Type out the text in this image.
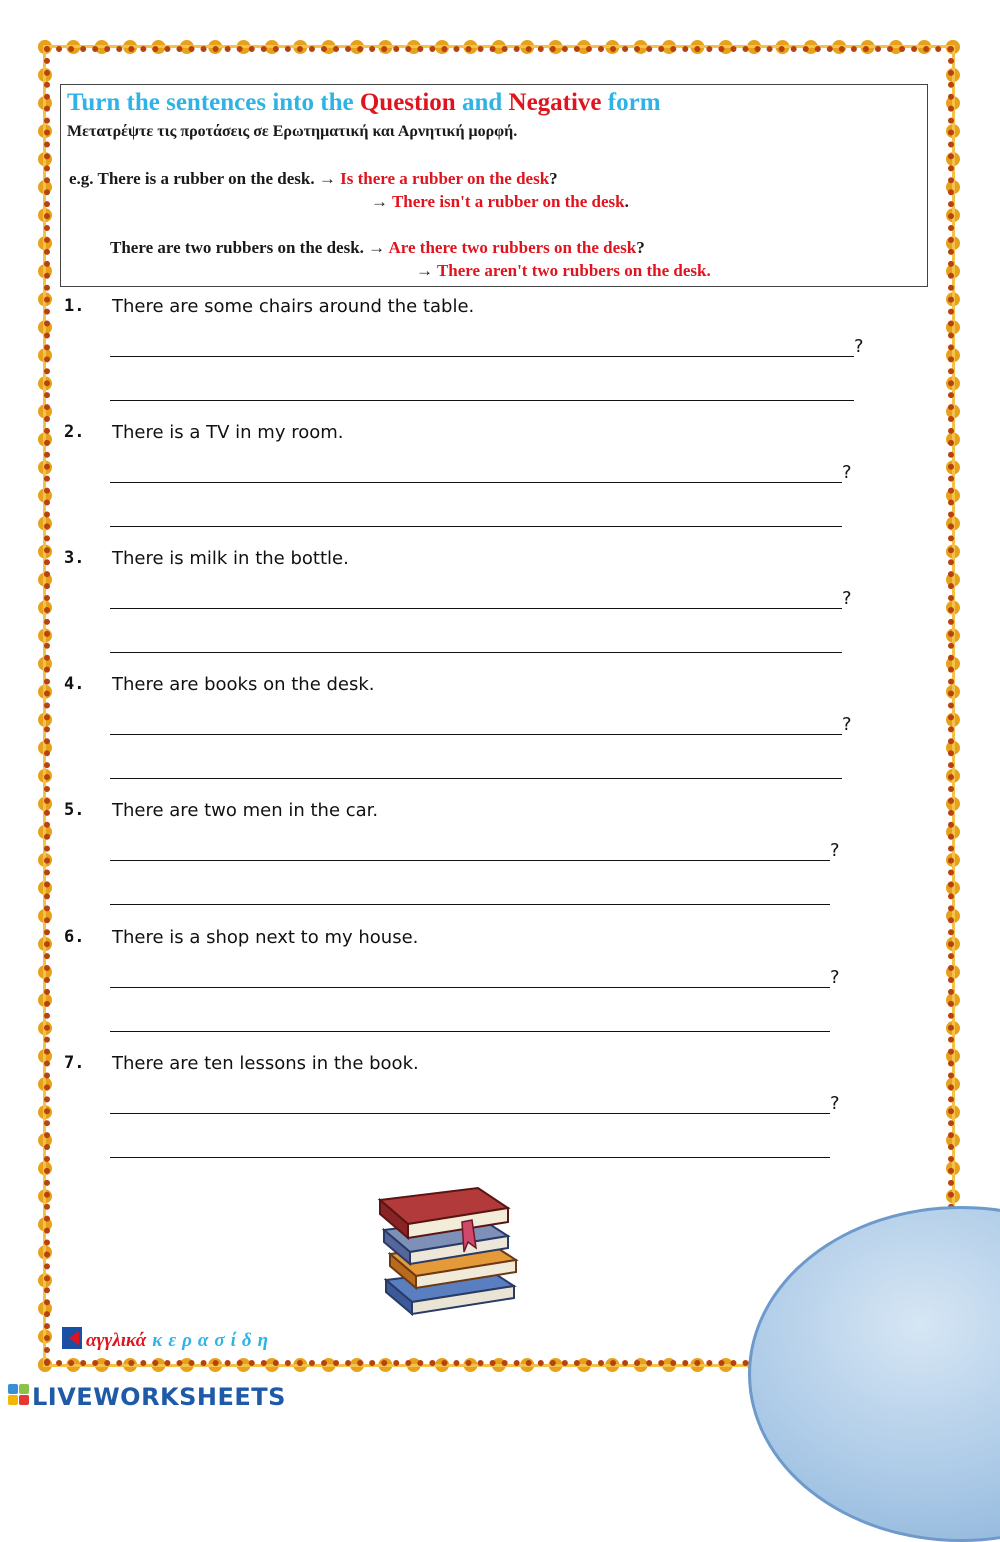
Turn the sentences into the Question and Negative form
Μετατρέψτε τις προτάσεις σε Ερωτηματική και Αρνητική μορφή.
e.g. There is a rubber on the desk. → Is there a rubber on the desk?
→ There isn't a rubber on the desk.
There are two rubbers on the desk. → Are there two rubbers on the desk?
→ There aren't two rubbers on the desk.
1. There are some chairs around the table.
?
2. There is a TV in my room.
?
3. There is milk in the bottle.
?
4. There are books on the desk.
?
5. There are two men in the car.
?
6. There is a shop next to my house.
?
7. There are ten lessons in the book.
?
αγγλικά κερασίδη
LIVEWORKSHEETS
